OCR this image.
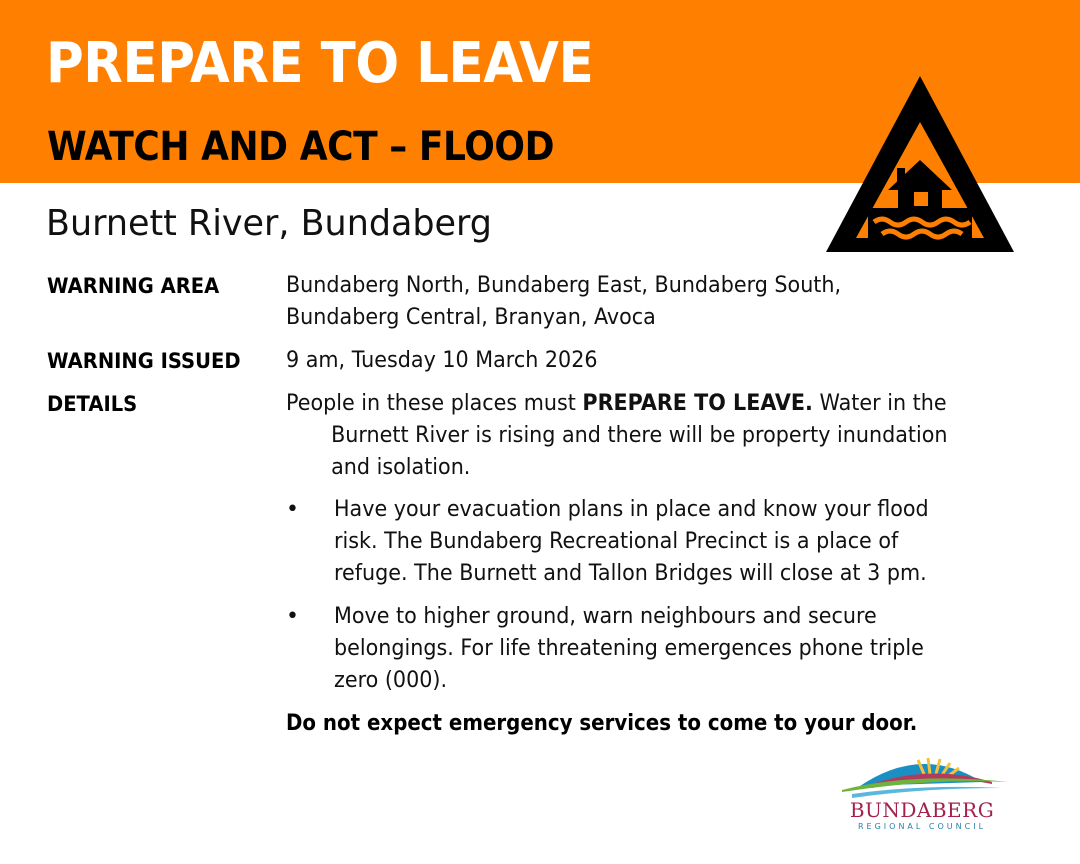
PREPARE TO LEAVE
WATCH AND ACT – FLOOD
Burnett River, Bundaberg
WARNING AREA	Bundaberg North, Bundaberg East, Bundaberg South,
Bundaberg Central, Branyan, Avoca
WARNING ISSUED 9 am, Tuesday 10 March 2026
DETAILS	People in these places must PREPARE TO LEAVE. Water in the
Burnett River is rising and there will be property inundation
and isolation.
• Have your evacuation plans in place and know your flood
risk. The Bundaberg Recreational Precinct is a place of
refuge. The Burnett and Tallon Bridges will close at 3 pm.
• Move to higher ground, warn neighbours and secure
belongings. For life threatening emergences phone triple
zero (000).
Do not expect emergency services to come to your door.
BUNDABERG
REGIONAL COUNCIL
